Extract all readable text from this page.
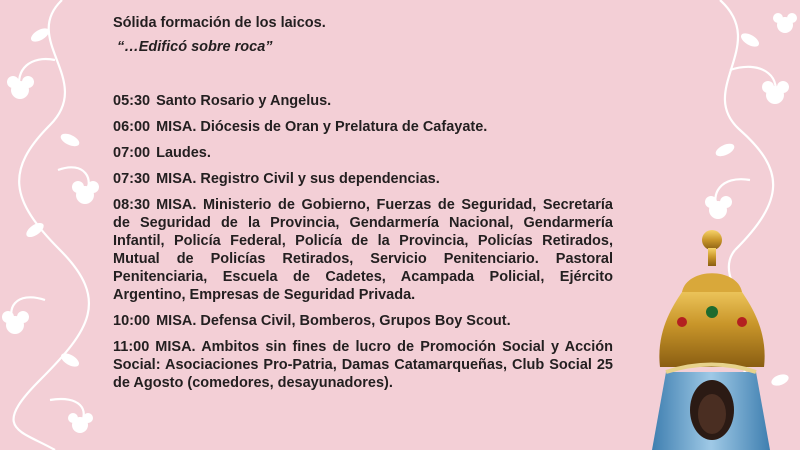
Sólida formación de los laicos.

“…Edificó sobre roca”

05:30 Santo Rosario y Angelus.

06:00 MISA. Diócesis de Oran y Prelatura de Cafayate.

07:00 Laudes.

07:30 MISA. Registro Civil y sus dependencias.

08:30 MISA. Ministerio de Gobierno, Fuerzas de Seguridad, Secretaría de Seguridad de la Provincia, Gendarmería Nacional, Gendarmería Infantil, Policía Federal, Policía de la Provincia, Policías Retirados, Mutual de Policías Retirados, Servicio Penitenciario. Pastoral Penitenciaria, Escuela de Cadetes, Acampada Policial, Ejército Argentino, Empresas de Seguridad Privada.

10:00 MISA. Defensa Civil, Bomberos, Grupos Boy Scout.

11:00 MISA. Ambitos sin fines de lucro de Promoción Social y Acción Social: Asociaciones Pro-Patria, Damas Catamarqueñas, Club Social 25 de Agosto (comedores, desayunadores).
